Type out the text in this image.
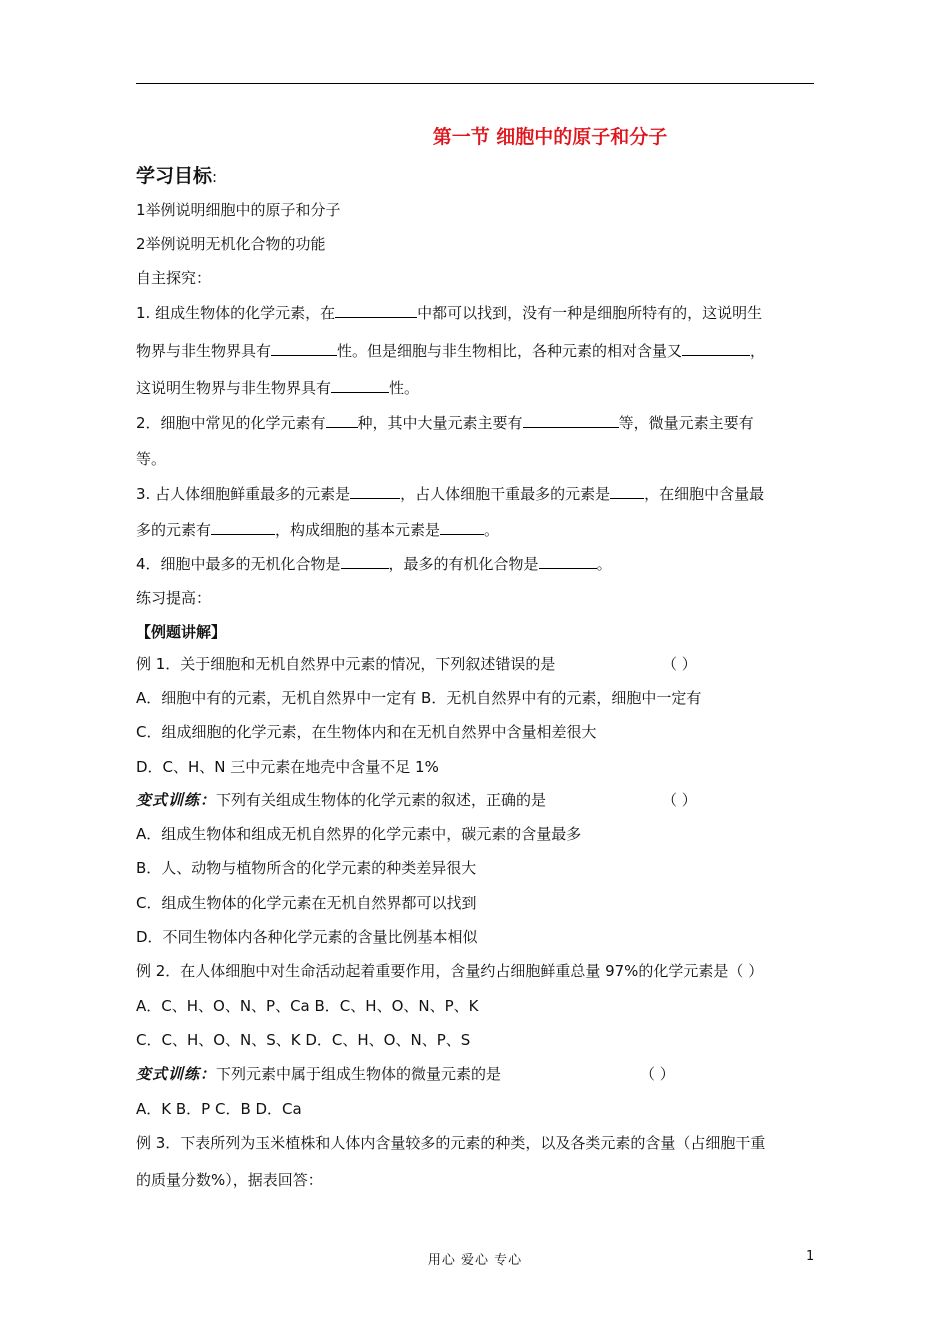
第一节 细胞中的原子和分子
学习目标:
1举例说明细胞中的原子和分子
2举例说明无机化合物的功能
自主探究：
1. 组成生物体的化学元素，在	中都可以找到，没有一种是细胞所特有的，这说明生
物界与非生物界具有	性。但是细胞与非生物相比，各种元素的相对含量又	，
这说明生物界与非生物界具有	性。
2．细胞中常见的化学元素有 种，其中大量元素主要有	等，微量元素主要有
等。
3. 占人体细胞鲜重最多的元素是	，占人体细胞干重最多的元素是 ，在细胞中含量最
多的元素有	，构成细胞的基本元素是	。
4．细胞中最多的无机化合物是	，最多的有机化合物是	。
练习提高：
【例题讲解】
例 1．关于细胞和无机自然界中元素的情况，下列叙述错误的是	（ ）
A．细胞中有的元素，无机自然界中一定有 B．无机自然界中有的元素，细胞中一定有
C．组成细胞的化学元素，在生物体内和在无机自然界中含量相差很大
D．C、H、N 三中元素在地壳中含量不足 1%
变式训练：下列有关组成生物体的化学元素的叙述，正确的是	（ ）
A．组成生物体和组成无机自然界的化学元素中，碳元素的含量最多
B．人、动物与植物所含的化学元素的种类差异很大
C．组成生物体的化学元素在无机自然界都可以找到
D．不同生物体内各种化学元素的含量比例基本相似
例 2．在人体细胞中对生命活动起着重要作用，含量约占细胞鲜重总量 97%的化学元素是（ ）
A．C、H、O、N、P、Ca B．C、H、O、N、P、K
C．C、H、O、N、S、K D．C、H、O、N、P、S
变式训练：下列元素中属于组成生物体的微量元素的是	（ ）
A．K B．P C．B D．Ca
例 3．下表所列为玉米植株和人体内含量较多的元素的种类，以及各类元素的含量（占细胞干重
的质量分数%），据表回答：
用心 爱心 专心	1
